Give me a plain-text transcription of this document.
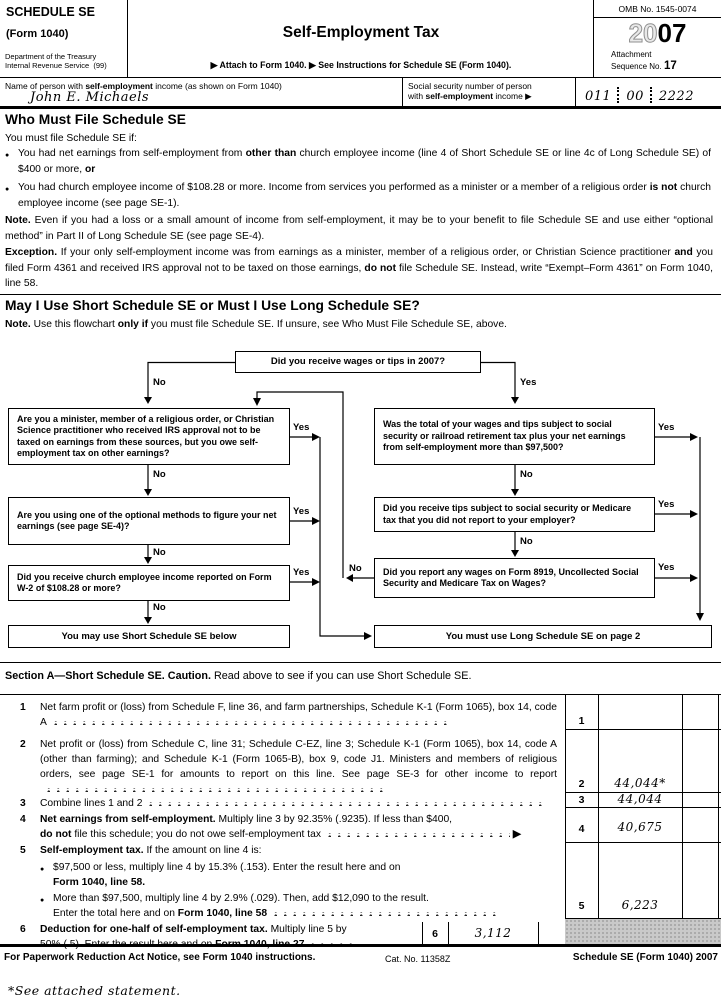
SCHEDULE SE
(Form 1040)
Department of the Treasury
Internal Revenue Service (99)
Self-Employment Tax
▶ Attach to Form 1040. ▶ See Instructions for Schedule SE (Form 1040).
OMB No. 1545-0074
2007
Attachment
Sequence No. 17
Name of person with self-employment income (as shown on Form 1040)
John E. Michaels
Social security number of person
with self-employment income ▶	011 00 2222
Who Must File Schedule SE
You must file Schedule SE if:
● You had net earnings from self-employment from other than church employee income (line 4 of Short Schedule SE or line 4c of Long Schedule SE) of $400 or more, or
● You had church employee income of $108.28 or more. Income from services you performed as a minister or a member of a religious order is not church employee income (see page SE-1).
Note. Even if you had a loss or a small amount of income from self-employment, it may be to your benefit to file Schedule SE and use either “optional method” in Part II of Long Schedule SE (see page SE-4).
Exception. If your only self-employment income was from earnings as a minister, member of a religious order, or Christian Science practitioner and you filed Form 4361 and received IRS approval not to be taxed on those earnings, do not file Schedule SE. Instead, write “Exempt–Form 4361” on Form 1040, line 58.
May I Use Short Schedule SE or Must I Use Long Schedule SE?
Note. Use this flowchart only if you must file Schedule SE. If unsure, see Who Must File Schedule SE, above.
Did you receive wages or tips in 2007?
No	Yes
Are you a minister, member of a religious order, or Christian Science practitioner who received IRS approval not to be taxed on earnings from these sources, but you owe self-employment tax on other earnings?
Yes
No
Are you using one of the optional methods to figure your net earnings (see page SE-4)?
Yes
No
Did you receive church employee income reported on Form W-2 of $108.28 or more?
Yes
No
Was the total of your wages and tips subject to social security or railroad retirement tax plus your net earnings from self-employment more than $97,500?
Yes
No
Did you receive tips subject to social security or Medicare tax that you did not report to your employer?
Yes
No
Did you report any wages on Form 8919, Uncollected Social Security and Medicare Tax on Wages?
Yes
No
You may use Short Schedule SE below	You must use Long Schedule SE on page 2
Section A—Short Schedule SE. Caution. Read above to see if you can use Short Schedule SE.
1 Net farm profit or (loss) from Schedule F, line 36, and farm partnerships, Schedule K-1 (Form 1065), box 14, code A	1
2 Net profit or (loss) from Schedule C, line 31; Schedule C-EZ, line 3; Schedule K-1 (Form 1065), box 14, code A (other than farming); and Schedule K-1 (Form 1065-B), box 9, code J1. Ministers and members of religious orders, see page SE-1 for amounts to report on this line. See page SE-3 for other income to report
2	44,044*
3 Combine lines 1 and 2	3	44,044
4 Net earnings from self-employment. Multiply line 3 by 92.35% (.9235). If less than $400,
do not file this schedule; you do not owe self-employment tax	▶	4	40,675
5 Self-employment tax. If the amount on line 4 is:
● $97,500 or less, multiply line 4 by 15.3% (.153). Enter the result here and on
Form 1040, line 58.
● More than $97,500, multiply line 4 by 2.9% (.029). Then, add $12,090 to the result.
Enter the total here and on Form 1040, line 58
5	6,223
6 Deduction for one-half of self-employment tax. Multiply line 5 by	6	3,112
For Paperwork Reduction Act Notice, see Form 1040 instructions.	Cat. No. 11358Z	Schedule SE (Form 1040) 2007
*See attached statement.
